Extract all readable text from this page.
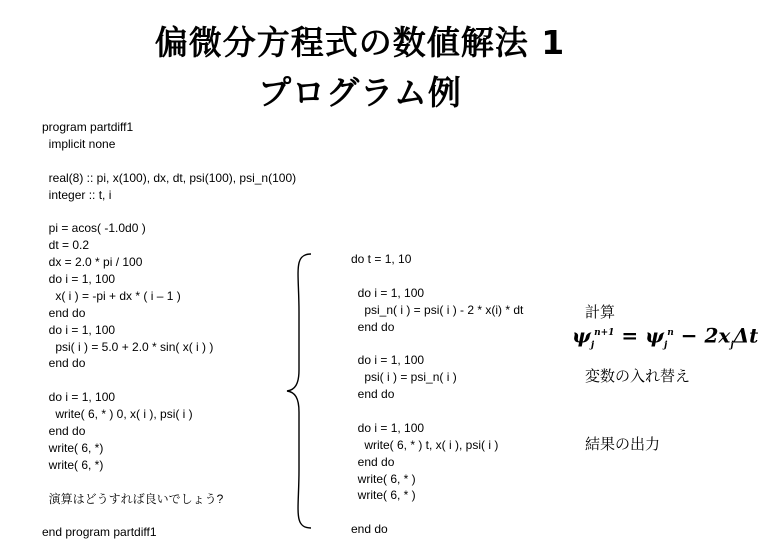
偏微分方程式の数値解法 1
プログラム例
program partdiff1
implicit none
real(8) :: pi, x(100), dx, dt, psi(100), psi_n(100)
integer :: t, i
pi = acos( -1.0d0 )
dt = 0.2
dx = 2.0 * pi / 100
do i = 1, 100
x( i ) = -pi + dx * ( i – 1 )
end do
do i = 1, 100
psi( i ) = 5.0 + 2.0 * sin( x( i ) )
end do
do i = 1, 100
write( 6, * ) 0, x( i ), psi( i )
end do
write( 6, *)
write( 6, *)
演算はどうすれば良いでしょう?
end program partdiff1
do t = 1, 10
do i = 1, 100
psi_n( i ) = psi( i ) - 2 * x(i) * dt
end do
do i = 1, 100
psi( i ) = psi_n( i )
end do
do i = 1, 100
write( 6, * ) t, x( i ), psi( i )
end do
write( 6, * )
write( 6, * )
end do
計算
$\psi_j^{n+1} = \psi_j^n - 2x_j\Delta t$
変数の入れ替え
結果の出力
